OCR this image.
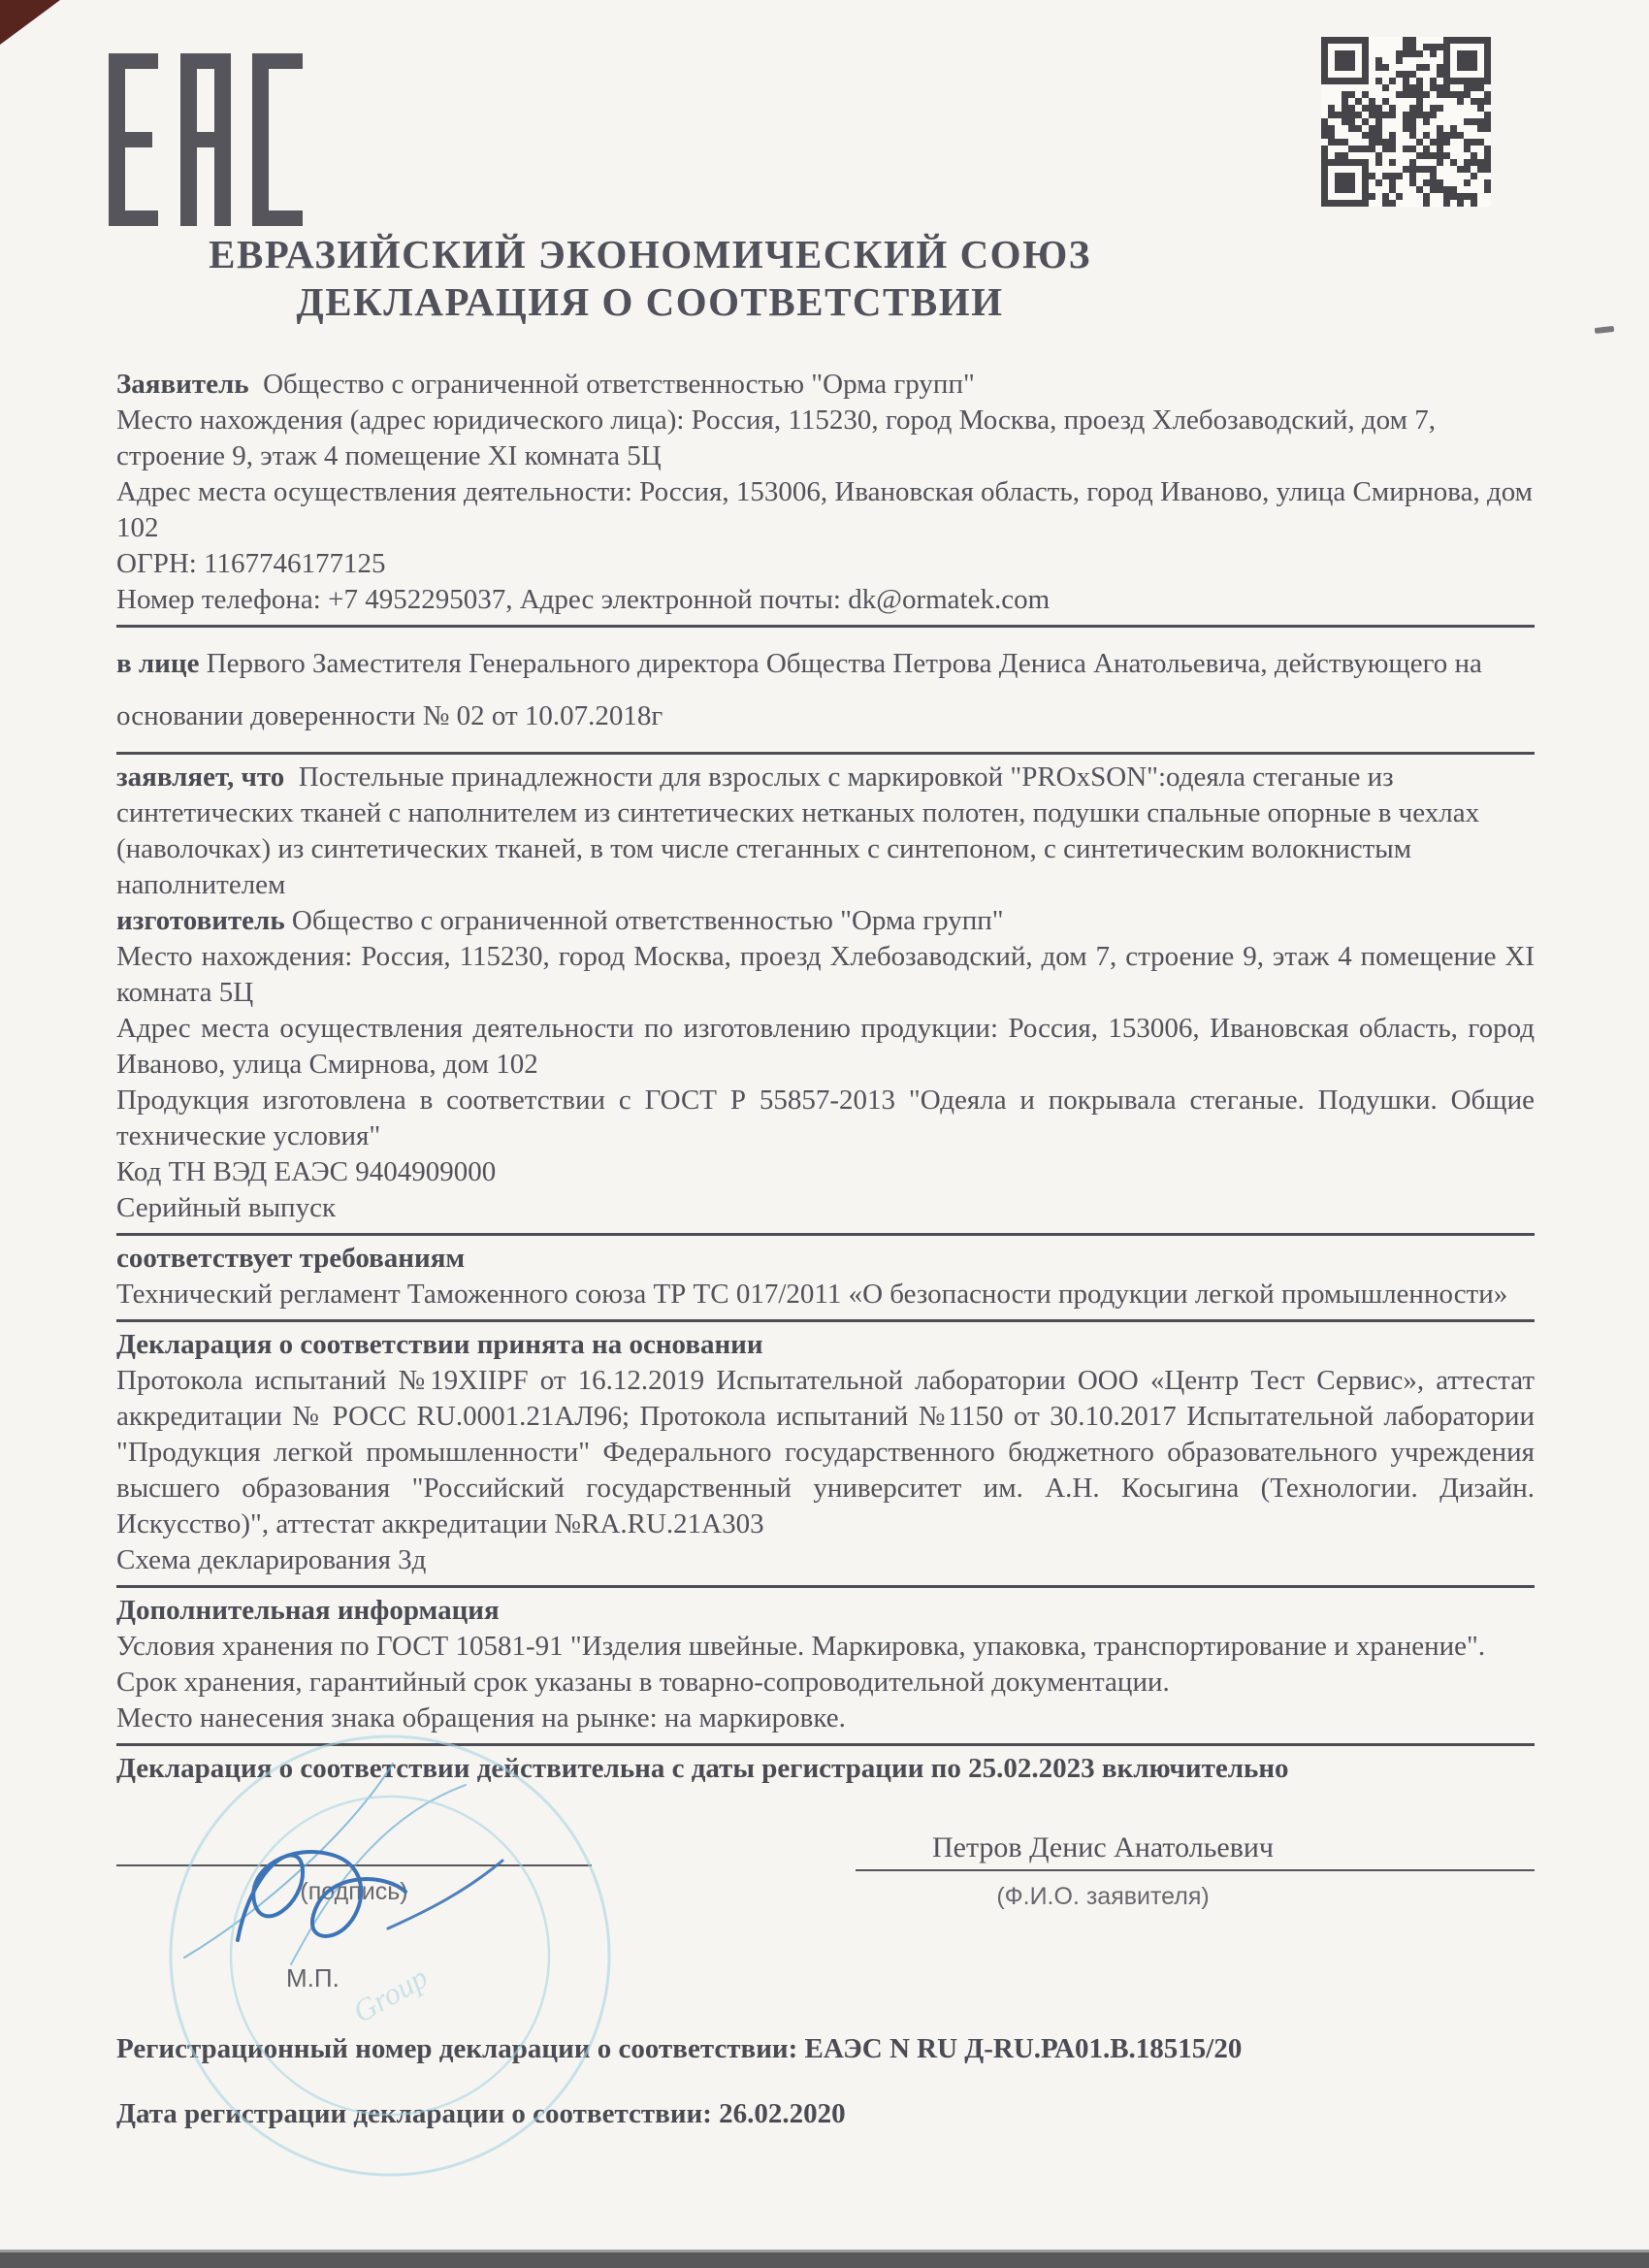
ЕВРАЗИЙСКИЙ ЭКОНОМИЧЕСКИЙ СОЮЗ
ДЕКЛАРАЦИЯ О СООТВЕТСТВИИ

Заявитель Общество с ограниченной ответственностью "Орма групп"

Место нахождения (адрес юридического лица): Россия, 115230, город Москва, проезд Хлебозаводский, дом 7, строение 9, этаж 4 помещение XI комната 5Ц

Адрес места осуществления деятельности: Россия, 153006, Ивановская область, город Иваново, улица Смирнова, дом 102

ОГРН: 1167746177125

Номер телефона: +7 4952295037, Адрес электронной почты: dk@ormatek.com

в лице Первого Заместителя Генерального директора Общества Петрова Дениса Анатольевича, действующего на основании доверенности № 02 от 10.07.2018г

заявляет, что Постельные принадлежности для взрослых с маркировкой "PROxSON":одеяла стеганые из синтетических тканей с наполнителем из синтетических нетканых полотен, подушки спальные опорные в чехлах (наволочках) из синтетических тканей, в том числе стеганных с синтепоном, с синтетическим волокнистым наполнителем

изготовитель Общество с ограниченной ответственностью "Орма групп"

Место нахождения: Россия, 115230, город Москва, проезд Хлебозаводский, дом 7, строение 9, этаж 4 помещение XI комната 5Ц

Адрес места осуществления деятельности по изготовлению продукции: Россия, 153006, Ивановская область, город Иваново, улица Смирнова, дом 102

Продукция изготовлена в соответствии с ГОСТ Р 55857-2013 "Одеяла и покрывала стеганые. Подушки. Общие технические условия"

Код ТН ВЭД ЕАЭС 9404909000

Серийный выпуск

соответствует требованиям

Технический регламент Таможенного союза ТР ТС 017/2011 «О безопасности продукции легкой промышленности»

Декларация о соответствии принята на основании

Протокола испытаний №19XIIPF от 16.12.2019 Испытательной лаборатории ООО «Центр Тест Сервис», аттестат аккредитации № РОСС RU.0001.21АЛ96; Протокола испытаний №1150 от 30.10.2017 Испытательной лаборатории "Продукция легкой промышленности" Федерального государственного бюджетного образовательного учреждения высшего образования "Российский государственный университет им. А.Н. Косыгина (Технологии. Дизайн. Искусство)", аттестат аккредитации №RA.RU.21А303

Схема декларирования 3д

Дополнительная информация

Условия хранения по ГОСТ 10581-91 "Изделия швейные. Маркировка, упаковка, транспортирование и хранение". Срок хранения, гарантийный срок указаны в товарно-сопроводительной документации.

Место нанесения знака обращения на рынке: на маркировке.

Декларация о соответствии действительна с даты регистрации по 25.02.2023 включительно

(подпись)
М.П.
Петров Денис Анатольевич
(Ф.И.О. заявителя)

Регистрационный номер декларации о соответствии: ЕАЭС N RU Д-RU.РА01.В.18515/20

Дата регистрации декларации о соответствии: 26.02.2020

Group
